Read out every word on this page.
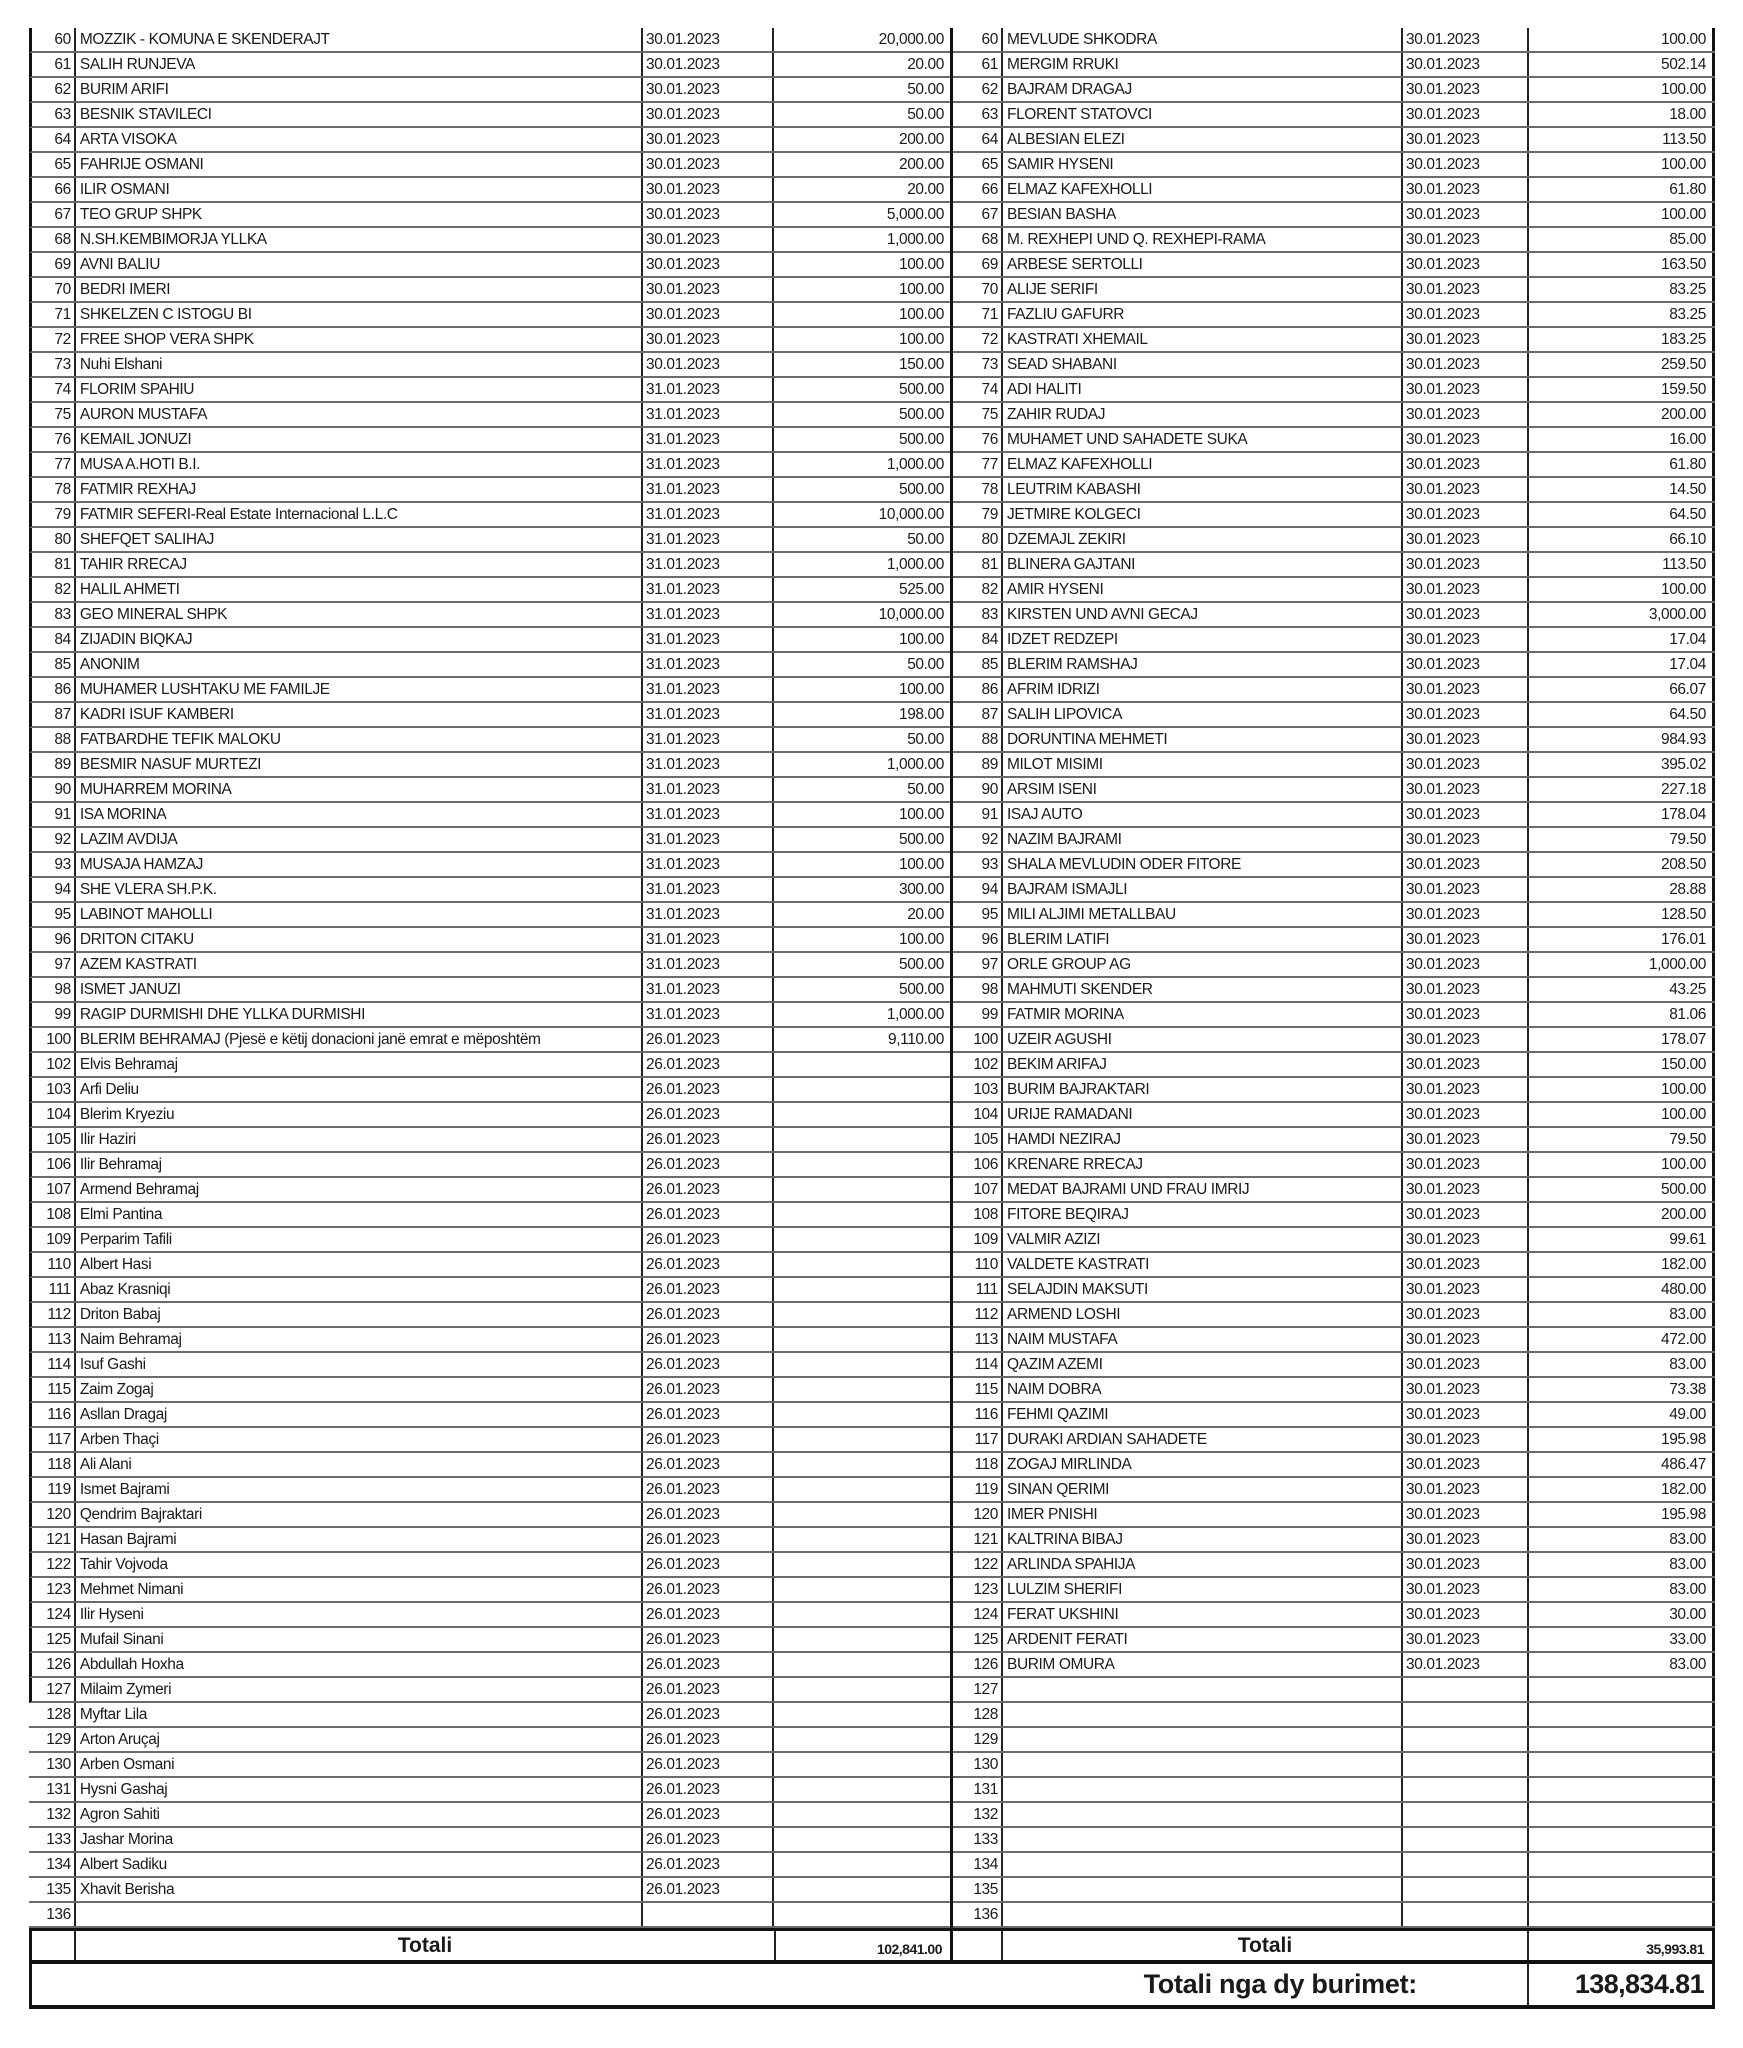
60 MOZZIK - KOMUNA E SKENDERAJT	30.01.2023	20,000.00
61 SALIH RUNJEVA	30.01.2023	20.00
62 BURIM ARIFI	30.01.2023	50.00
63 BESNIK STAVILECI	30.01.2023	50.00
64 ARTA VISOKA	30.01.2023	200.00
65 FAHRIJE OSMANI	30.01.2023	200.00
66 ILIR OSMANI	30.01.2023	20.00
67 TEO GRUP SHPK	30.01.2023	5,000.00
68 N.SH.KEMBIMORJA YLLKA	30.01.2023	1,000.00
69 AVNI BALIU	30.01.2023	100.00
70 BEDRI IMERI	30.01.2023	100.00
71 SHKELZEN C ISTOGU BI	30.01.2023	100.00
72 FREE SHOP VERA SHPK	30.01.2023	100.00
73 Nuhi Elshani	30.01.2023	150.00
74 FLORIM SPAHIU	31.01.2023	500.00
75 AURON MUSTAFA	31.01.2023	500.00
76 KEMAIL JONUZI	31.01.2023	500.00
77 MUSA A.HOTI B.I.	31.01.2023	1,000.00
78 FATMIR REXHAJ	31.01.2023	500.00
79 FATMIR SEFERI-Real Estate Internacional L.L.C	31.01.2023	10,000.00
80 SHEFQET SALIHAJ	31.01.2023	50.00
81 TAHIR RRECAJ	31.01.2023	1,000.00
82 HALIL AHMETI	31.01.2023	525.00
83 GEO MINERAL SHPK	31.01.2023	10,000.00
84 ZIJADIN BIQKAJ	31.01.2023	100.00
85 ANONIM	31.01.2023	50.00
86 MUHAMER LUSHTAKU ME FAMILJE	31.01.2023	100.00
87 KADRI ISUF KAMBERI	31.01.2023	198.00
88 FATBARDHE TEFIK MALOKU	31.01.2023	50.00
89 BESMIR NASUF MURTEZI	31.01.2023	1,000.00
90 MUHARREM MORINA	31.01.2023	50.00
91 ISA MORINA	31.01.2023	100.00
92 LAZIM AVDIJA	31.01.2023	500.00
93 MUSAJA HAMZAJ	31.01.2023	100.00
94 SHE VLERA SH.P.K.	31.01.2023	300.00
95 LABINOT MAHOLLI	31.01.2023	20.00
96 DRITON CITAKU	31.01.2023	100.00
97 AZEM KASTRATI	31.01.2023	500.00
98 ISMET JANUZI	31.01.2023	500.00
99 RAGIP DURMISHI DHE YLLKA DURMISHI	31.01.2023	1,000.00
100 BLERIM BEHRAMAJ (Pjesë e këtij donacioni janë emrat e mëposhtëm	26.01.2023	9,110.00
102 Elvis Behramaj	26.01.2023
103 Arfi Deliu	26.01.2023
104 Blerim Kryeziu	26.01.2023
105 Ilir Haziri	26.01.2023
106 Ilir Behramaj	26.01.2023
107 Armend Behramaj	26.01.2023
108 Elmi Pantina	26.01.2023
109 Perparim Tafili	26.01.2023
110 Albert Hasi	26.01.2023
111 Abaz Krasniqi	26.01.2023
112 Driton Babaj	26.01.2023
113 Naim Behramaj	26.01.2023
114 Isuf Gashi	26.01.2023
115 Zaim Zogaj	26.01.2023
116 Asllan Dragaj	26.01.2023
117 Arben Thaçi	26.01.2023
118 Ali Alani	26.01.2023
119 Ismet Bajrami	26.01.2023
120 Qendrim Bajraktari	26.01.2023
121 Hasan Bajrami	26.01.2023
122 Tahir Vojvoda	26.01.2023
123 Mehmet Nimani	26.01.2023
124 Ilir Hyseni	26.01.2023
125 Mufail Sinani	26.01.2023
126 Abdullah Hoxha	26.01.2023
127 Milaim Zymeri	26.01.2023
128 Myftar Lila	26.01.2023
129 Arton Aruçaj	26.01.2023
130 Arben Osmani	26.01.2023
131 Hysni Gashaj	26.01.2023
132 Agron Sahiti	26.01.2023
133 Jashar Morina	26.01.2023
134 Albert Sadiku	26.01.2023
135 Xhavit Berisha	26.01.2023
136
60 MEVLUDE SHKODRA	30.01.2023	100.00
61 MERGIM RRUKI	30.01.2023	502.14
62 BAJRAM DRAGAJ	30.01.2023	100.00
63 FLORENT STATOVCI	30.01.2023	18.00
64 ALBESIAN ELEZI	30.01.2023	113.50
65 SAMIR HYSENI	30.01.2023	100.00
66 ELMAZ KAFEXHOLLI	30.01.2023	61.80
67 BESIAN BASHA	30.01.2023	100.00
68 M. REXHEPI UND Q. REXHEPI-RAMA	30.01.2023	85.00
69 ARBESE SERTOLLI	30.01.2023	163.50
70 ALIJE SERIFI	30.01.2023	83.25
71 FAZLIU GAFURR	30.01.2023	83.25
72 KASTRATI XHEMAIL	30.01.2023	183.25
73 SEAD SHABANI	30.01.2023	259.50
74 ADI HALITI	30.01.2023	159.50
75 ZAHIR RUDAJ	30.01.2023	200.00
76 MUHAMET UND SAHADETE SUKA	30.01.2023	16.00
77 ELMAZ KAFEXHOLLI	30.01.2023	61.80
78 LEUTRIM KABASHI	30.01.2023	14.50
79 JETMIRE KOLGECI	30.01.2023	64.50
80 DZEMAJL ZEKIRI	30.01.2023	66.10
81 BLINERA GAJTANI	30.01.2023	113.50
82 AMIR HYSENI	30.01.2023	100.00
83 KIRSTEN UND AVNI GECAJ	30.01.2023	3,000.00
84 IDZET REDZEPI	30.01.2023	17.04
85 BLERIM RAMSHAJ	30.01.2023	17.04
86 AFRIM IDRIZI	30.01.2023	66.07
87 SALIH LIPOVICA	30.01.2023	64.50
88 DORUNTINA MEHMETI	30.01.2023	984.93
89 MILOT MISIMI	30.01.2023	395.02
90 ARSIM ISENI	30.01.2023	227.18
91 ISAJ AUTO	30.01.2023	178.04
92 NAZIM BAJRAMI	30.01.2023	79.50
93 SHALA MEVLUDIN ODER FITORE	30.01.2023	208.50
94 BAJRAM ISMAJLI	30.01.2023	28.88
95 MILI ALJIMI METALLBAU	30.01.2023	128.50
96 BLERIM LATIFI	30.01.2023	176.01
97 ORLE GROUP AG	30.01.2023	1,000.00
98 MAHMUTI SKENDER	30.01.2023	43.25
99 FATMIR MORINA	30.01.2023	81.06
100 UZEIR AGUSHI	30.01.2023	178.07
102 BEKIM ARIFAJ	30.01.2023	150.00
103 BURIM BAJRAKTARI	30.01.2023	100.00
104 URIJE RAMADANI	30.01.2023	100.00
105 HAMDI NEZIRAJ	30.01.2023	79.50
106 KRENARE RRECAJ	30.01.2023	100.00
107 MEDAT BAJRAMI UND FRAU IMRIJ	30.01.2023	500.00
108 FITORE BEQIRAJ	30.01.2023	200.00
109 VALMIR AZIZI	30.01.2023	99.61
110 VALDETE KASTRATI	30.01.2023	182.00
111 SELAJDIN MAKSUTI	30.01.2023	480.00
112 ARMEND LOSHI	30.01.2023	83.00
113 NAIM MUSTAFA	30.01.2023	472.00
114 QAZIM AZEMI	30.01.2023	83.00
115 NAIM DOBRA	30.01.2023	73.38
116 FEHMI QAZIMI	30.01.2023	49.00
117 DURAKI ARDIAN SAHADETE	30.01.2023	195.98
118 ZOGAJ MIRLINDA	30.01.2023	486.47
119 SINAN QERIMI	30.01.2023	182.00
120 IMER PNISHI	30.01.2023	195.98
121 KALTRINA BIBAJ	30.01.2023	83.00
122 ARLINDA SPAHIJA	30.01.2023	83.00
123 LULZIM SHERIFI	30.01.2023	83.00
124 FERAT UKSHINI	30.01.2023	30.00
125 ARDENIT FERATI	30.01.2023	33.00
126 BURIM OMURA	30.01.2023	83.00
127
128
129
130
131
132
133
134
135
136
Totali	102,841.00	Totali	35,993.81
Totali nga dy burimet:	138,834.81
